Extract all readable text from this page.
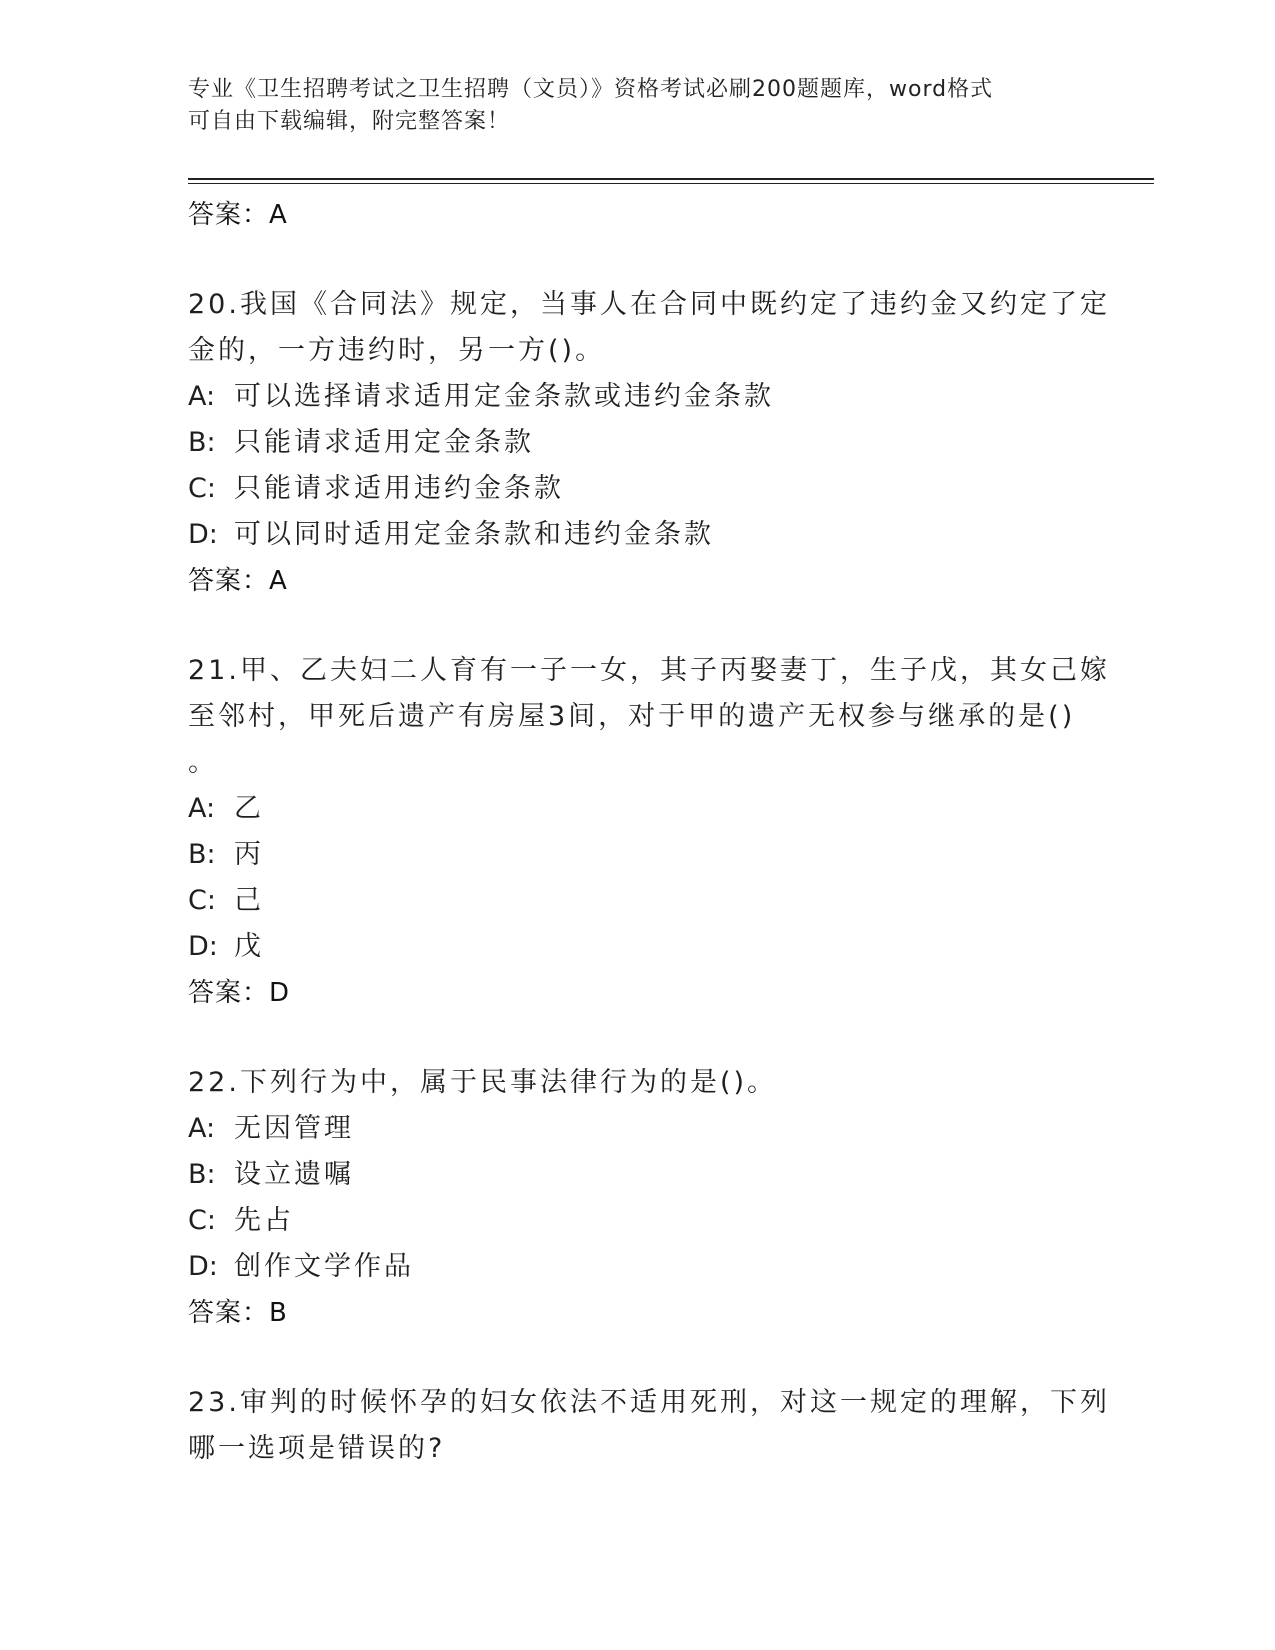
专业《卫生招聘考试之卫生招聘（文员）》资格考试必刷200题题库，word格式
可自由下载编辑，附完整答案！
答案：A
20.我国《合同法》规定，当事人在合同中既约定了违约金又约定了定
金的，一方违约时，另一方()。
A: 可以选择请求适用定金条款或违约金条款
B: 只能请求适用定金条款
C: 只能请求适用违约金条款
D: 可以同时适用定金条款和违约金条款
答案：A
21.甲、乙夫妇二人育有一子一女，其子丙娶妻丁，生子戊，其女己嫁
至邻村，甲死后遗产有房屋3间，对于甲的遗产无权参与继承的是()
。
A: 乙
B: 丙
C: 己
D: 戊
答案：D
22.下列行为中，属于民事法律行为的是()。
A: 无因管理
B: 设立遗嘱
C: 先占
D: 创作文学作品
答案：B
23.审判的时候怀孕的妇女依法不适用死刑，对这一规定的理解，下列
哪一选项是错误的?
